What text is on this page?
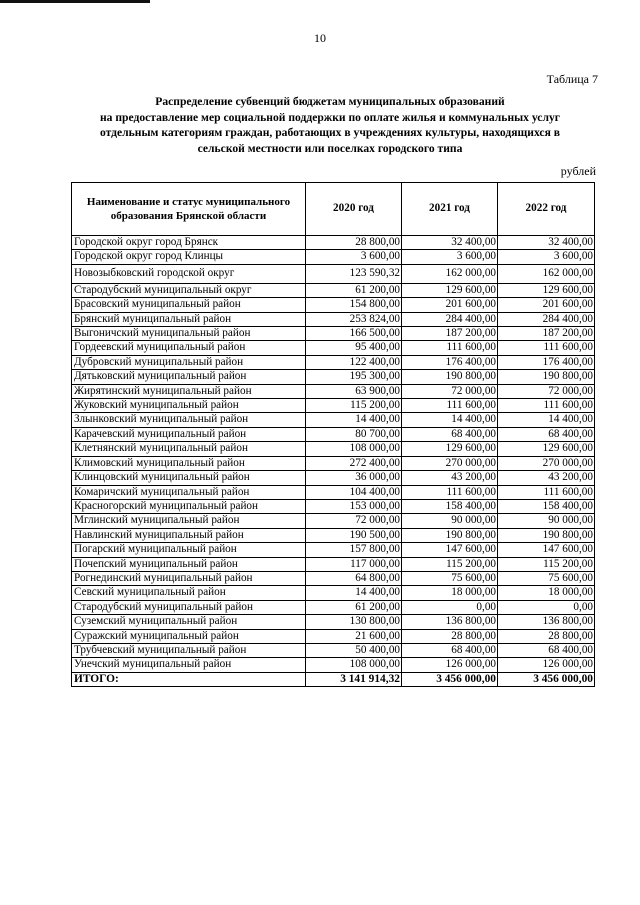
10
Таблица 7
Распределение субвенций бюджетам муниципальных образований
на предоставление мер социальной поддержки по оплате жилья и коммунальных услуг
отдельным категориям граждан, работающих в учреждениях культуры, находящихся в
сельской местности или поселках городского типа
рублей
Наименование и статус муниципального образования Брянской области	2020 год	2021 год	2022 год
Городской округ город Брянск	28 800,00	32 400,00	32 400,00
Городской округ город Клинцы	3 600,00	3 600,00	3 600,00
Новозыбковский городской округ	123 590,32	162 000,00	162 000,00
Стародубский муниципальный округ	61 200,00	129 600,00	129 600,00
Брасовский муниципальный район	154 800,00	201 600,00	201 600,00
Брянский муниципальный район	253 824,00	284 400,00	284 400,00
Выгоничский муниципальный район	166 500,00	187 200,00	187 200,00
Гордеевский муниципальный район	95 400,00	111 600,00	111 600,00
Дубровский муниципальный район	122 400,00	176 400,00	176 400,00
Дятьковский муниципальный район	195 300,00	190 800,00	190 800,00
Жирятинский муниципальный район	63 900,00	72 000,00	72 000,00
Жуковский муниципальный район	115 200,00	111 600,00	111 600,00
Злынковский муниципальный район	14 400,00	14 400,00	14 400,00
Карачевский муниципальный район	80 700,00	68 400,00	68 400,00
Клетнянский муниципальный район	108 000,00	129 600,00	129 600,00
Климовский муниципальный район	272 400,00	270 000,00	270 000,00
Клинцовский муниципальный район	36 000,00	43 200,00	43 200,00
Комаричский муниципальный район	104 400,00	111 600,00	111 600,00
Красногорский муниципальный район	153 000,00	158 400,00	158 400,00
Мглинский муниципальный район	72 000,00	90 000,00	90 000,00
Навлинский муниципальный район	190 500,00	190 800,00	190 800,00
Погарский муниципальный район	157 800,00	147 600,00	147 600,00
Почепский муниципальный район	117 000,00	115 200,00	115 200,00
Рогнединский муниципальный район	64 800,00	75 600,00	75 600,00
Севский муниципальный район	14 400,00	18 000,00	18 000,00
Стародубский муниципальный район	61 200,00	0,00	0,00
Суземский муниципальный район	130 800,00	136 800,00	136 800,00
Суражский муниципальный район	21 600,00	28 800,00	28 800,00
Трубчевский муниципальный район	50 400,00	68 400,00	68 400,00
Унечский муниципальный район	108 000,00	126 000,00	126 000,00
ИТОГО:	3 141 914,32	3 456 000,00	3 456 000,00
